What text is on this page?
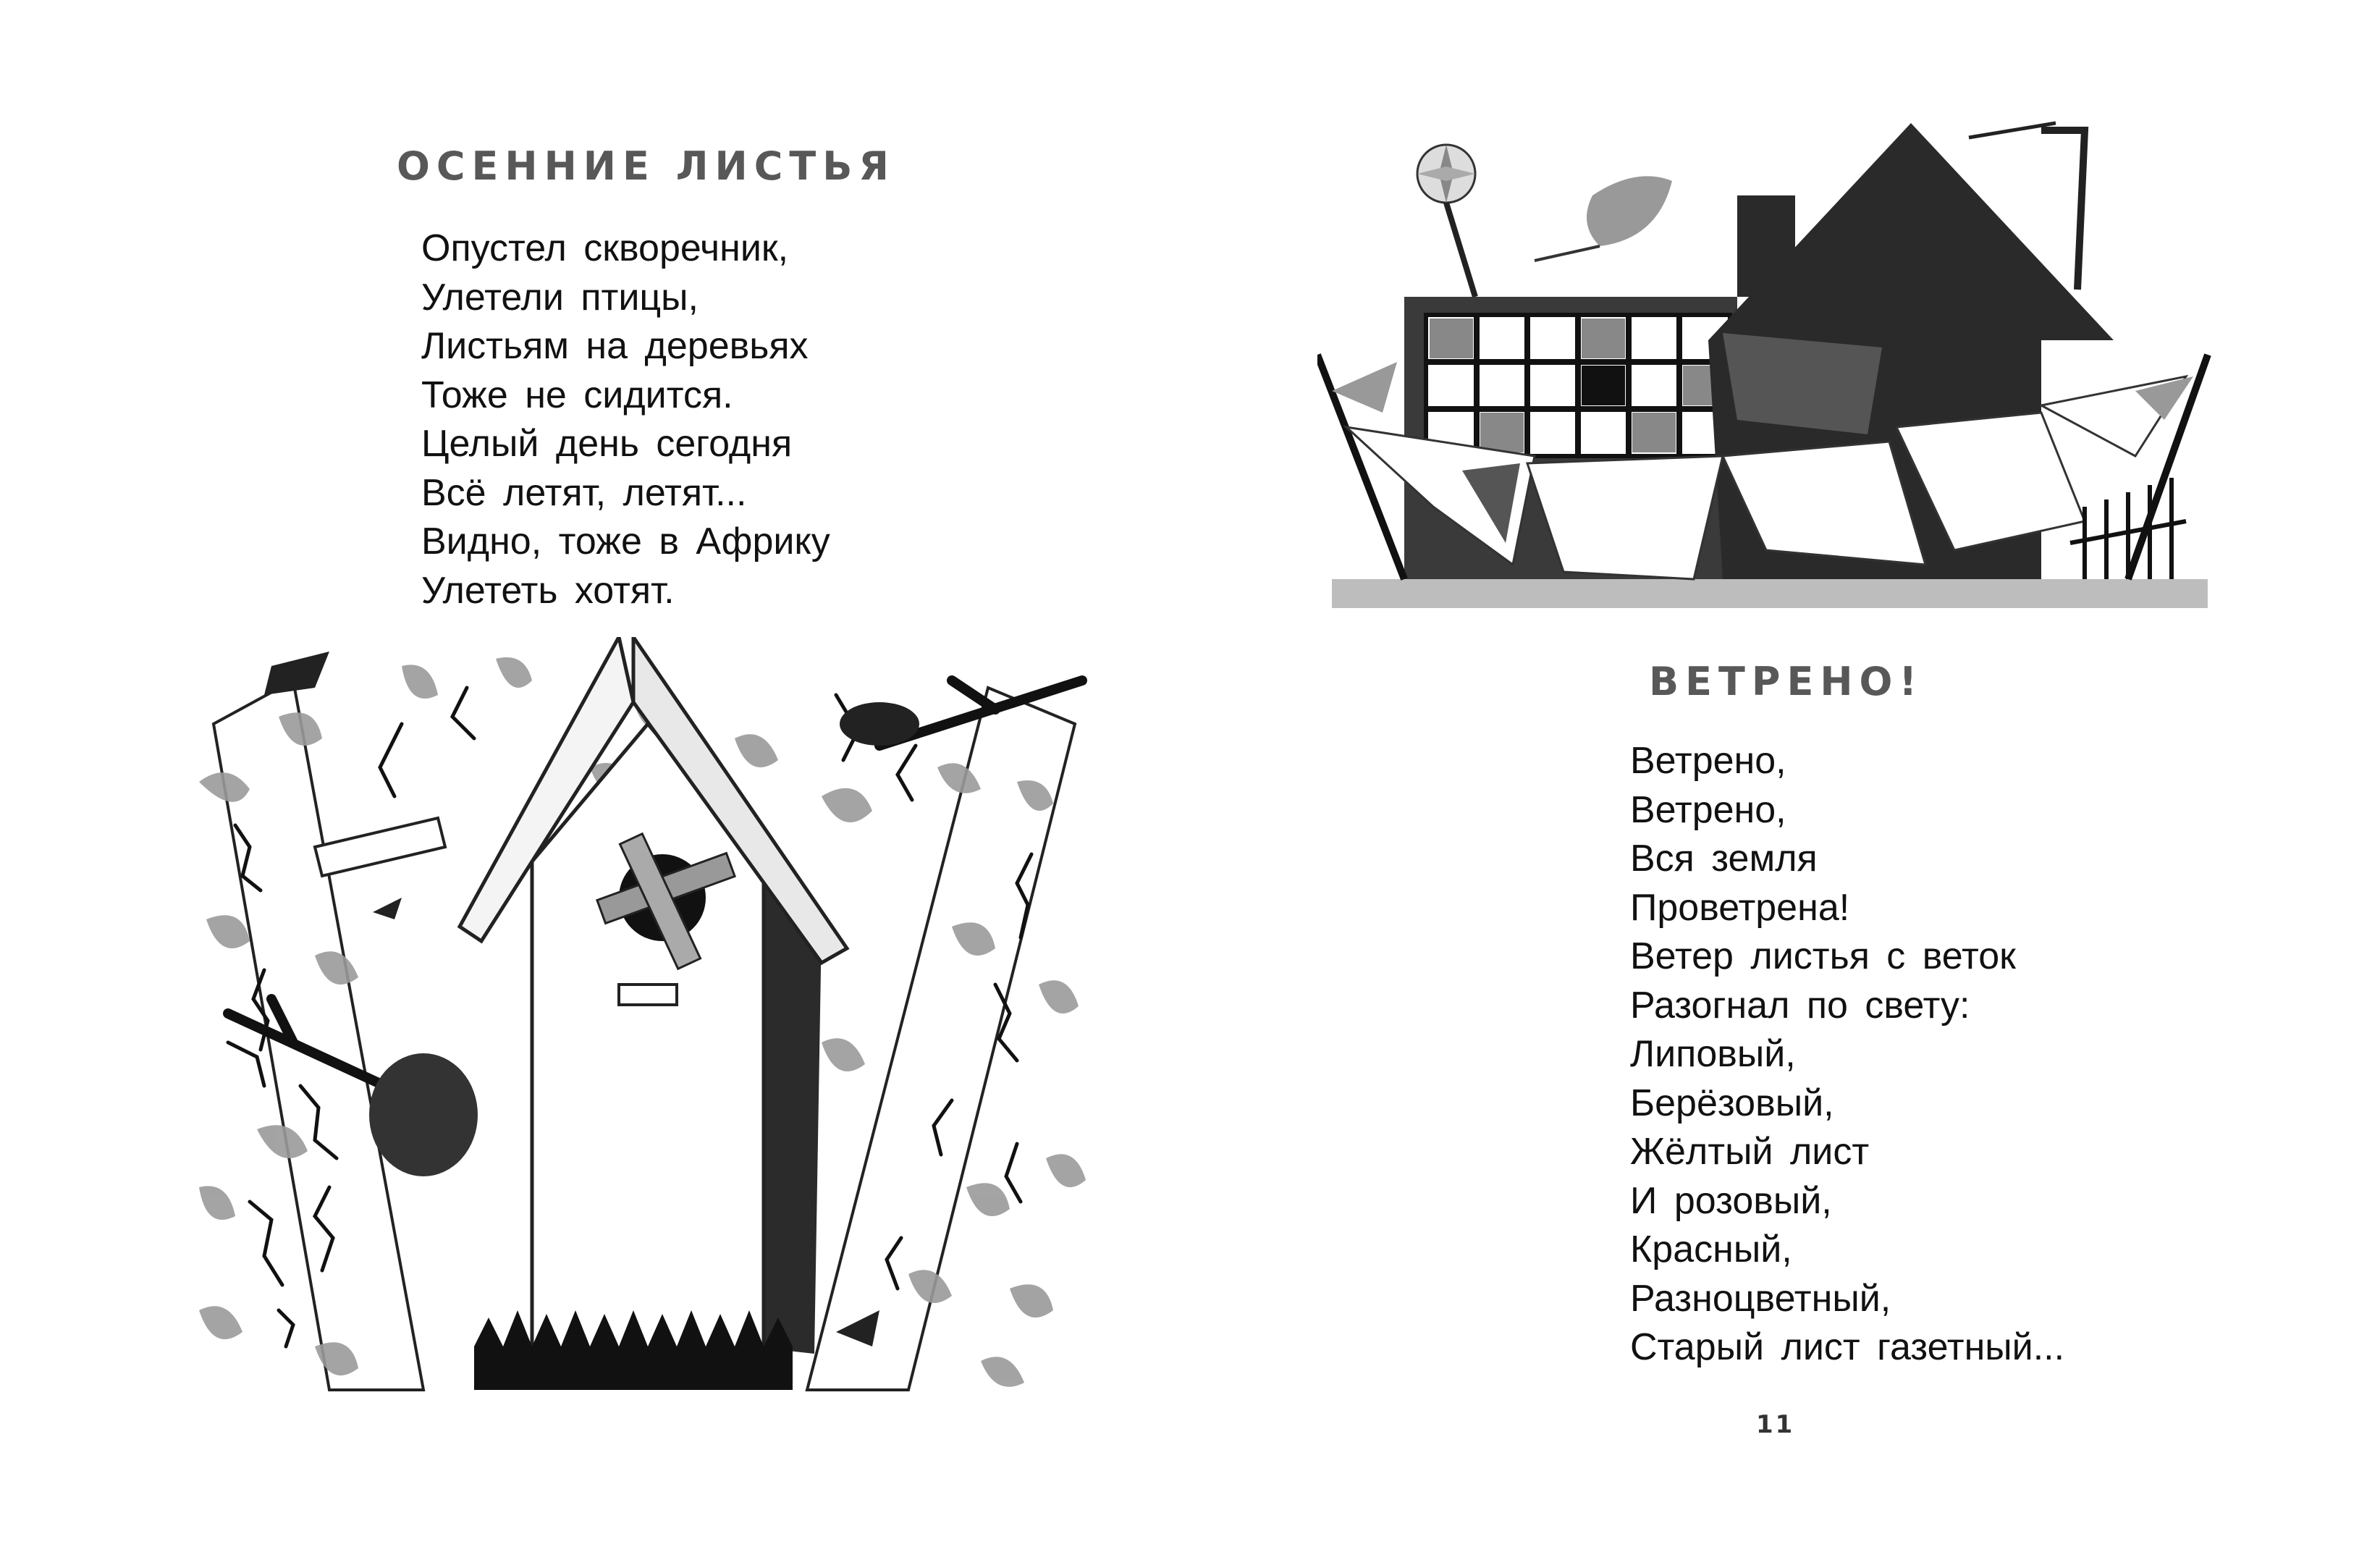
ОСЕННИЕ ЛИСТЬЯ
Опустел скворечник,
Улетели птицы,
Листьям на деревьях
Тоже не сидится.
Целый день сегодня
Всё летят, летят...
Видно, тоже в Африку
Улететь хотят.
ВЕТРЕНО!
Ветрено,
Ветрено,
Вся земля
Проветрена!
Ветер листья с веток
Разогнал по свету:
Липовый,
Берёзовый,
Жёлтый лист
И розовый,
Красный,
Разноцветный,
Старый лист газетный...
11
